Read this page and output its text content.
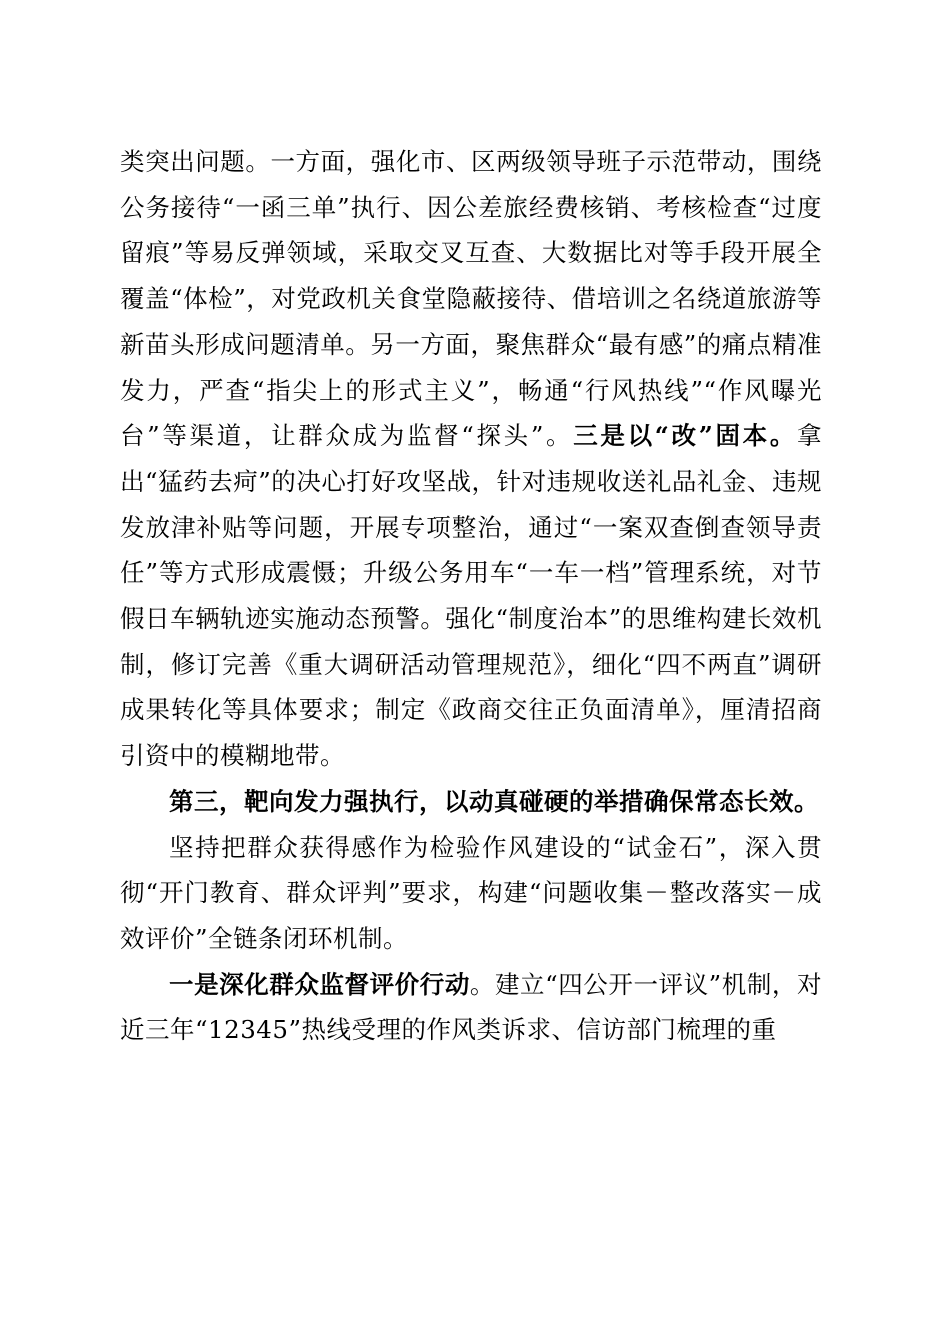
类突出问题。一方面，强化市、区两级领导班子示范带动，围绕公务接待“一函三单”执行、因公差旅经费核销、考核检查“过度留痕”等易反弹领域，采取交叉互查、大数据比对等手段开展全覆盖“体检”，对党政机关食堂隐蔽接待、借培训之名绕道旅游等新苗头形成问题清单。另一方面，聚焦群众“最有感”的痛点精准发力，严查“指尖上的形式主义”，畅通“行风热线”“作风曝光台”等渠道，让群众成为监督“探头”。三是以“改”固本。拿出“猛药去疴”的决心打好攻坚战，针对违规收送礼品礼金、违规发放津补贴等问题，开展专项整治，通过“一案双查倒查领导责任”等方式形成震慑；升级公务用车“一车一档”管理系统，对节假日车辆轨迹实施动态预警。强化“制度治本”的思维构建长效机制，修订完善《重大调研活动管理规范》，细化“四不两直”调研成果转化等具体要求；制定《政商交往正负面清单》，厘清招商引资中的模糊地带。

第三，靶向发力强执行，以动真碰硬的举措确保常态长效。

坚持把群众获得感作为检验作风建设的“试金石”，深入贯彻“开门教育、群众评判”要求，构建“问题收集－整改落实－成效评价”全链条闭环机制。

一是深化群众监督评价行动。建立“四公开一评议”机制，对近三年“12345”热线受理的作风类诉求、信访部门梳理的重
